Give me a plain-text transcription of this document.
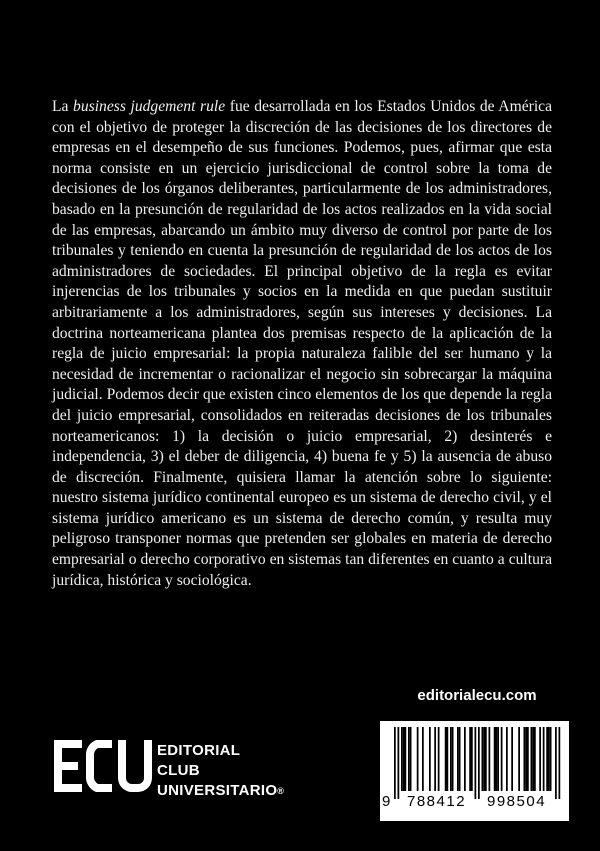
La business judgement rule fue desarrollada en los Estados Unidos de América con el objetivo de proteger la discreción de las decisiones de los directores de empresas en el desempeño de sus funciones. Podemos, pues, afirmar que esta norma consiste en un ejercicio jurisdiccional de control sobre la toma de decisiones de los órganos deliberantes, particularmente de los administradores, basado en la presunción de regularidad de los actos realizados en la vida social de las empresas, abarcando un ámbito muy diverso de control por parte de los tribunales y teniendo en cuenta la presunción de regularidad de los actos de los administradores de sociedades. El principal objetivo de la regla es evitar injerencias de los tribunales y socios en la medida en que puedan sustituir arbitrariamente a los administradores, según sus intereses y decisiones. La doctrina norteamericana plantea dos premisas respecto de la aplicación de la regla de juicio empresarial: la propia naturaleza falible del ser humano y la necesidad de incrementar o racionalizar el negocio sin sobrecargar la máquina judicial. Podemos decir que existen cinco elementos de los que depende la regla del juicio empresarial, consolidados en reiteradas decisiones de los tribunales norteamericanos: 1) la decisión o juicio empresarial, 2) desinterés e independencia, 3) el deber de diligencia, 4) buena fe y 5) la ausencia de abuso de discreción. Finalmente, quisiera llamar la atención sobre lo siguiente: nuestro sistema jurídico continental europeo es un sistema de derecho civil, y el sistema jurídico americano es un sistema de derecho común, y resulta muy peligroso transponer normas que pretenden ser globales en materia de derecho empresarial o derecho corporativo en sistemas tan diferentes en cuanto a cultura jurídica, histórica y sociológica.

editorialecu.com
9 788412 998504
EDITORIAL
CLUB
UNIVERSITARIO®
